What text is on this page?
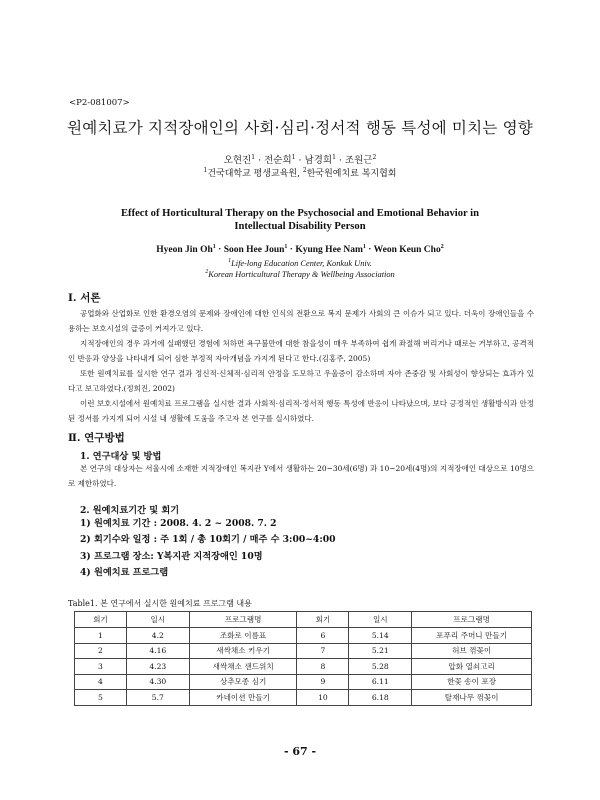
<P2-081007>
원예치료가 지적장애인의 사회·심리·정서적 행동 특성에 미치는 영향
오현진$^1$ · 전순희$^1$ · 남경희$^1$ · 조원근$^2$
$^1$건국대학교 평생교육원, $^2$한국원예치료 복지협회
Effect of Horticultural Therapy on the Psychosocial and Emotional Behavior in
Intellectual Disability Person
Hyeon Jin $Oh^1$ · Soon Hee Joun$^1$ · Kyung Hee Nam$^1$ · Weon Keun Cho$^2$
$^1$Life-long Education Center, Konkuk Univ.
$^2$Korean Horticultural Therapy & Wellbeing Association
Ⅰ. 서론

공업화와 산업화로 인한 환경오염의 문제와 장애인에 대한 인식의 전환으로 복지 문제가 사회의 큰 이슈가 되고 있다. 더욱이 장애인들을 수용하는 보호시설의 급증이 커져가고 있다.

지적장애인의 경우 과거에 실패했던 경험에 처하면 욕구불만에 대한 참을성이 매우 부족하여 쉽게 좌절해 버리거나 때로는 거부하고, 공격적인 반응과 양상을 나타내게 되어 심한 부정적 자아개념을 가지게 된다고 한다.(김홍주, 2005)

또한 원예치료를 실시한 연구 결과 정신적·신체적·심리적 안정을 도모하고 우울증이 감소하며 자아 존중감 및 사회성이 향상되는 효과가 있다고 보고하였다.(정희진, 2002)

이런 보호시설에서 원예치료 프로그램을 실시한 결과 사회적·심리적·정서적 행동 특성에 반응이 나타났으며, 보다 긍정적인 생활방식과 안정된 정서를 가지게 되어 시설 내 생활에 도움을 주고자 본 연구를 실시하였다.

Ⅱ. 연구방법
1. 연구대상 및 방법

본 연구의 대상자는 서울시에 소재한 지적장애인 복지관 Y에서 생활하는 20~30세(6명) 과 10~20세(4명)의 지적장애인 대상으로 10명으로 제한하였다.

2. 원예치료기간 및 회기
1) 원예치료 기간 : 2008. 4. 2 ~ 2008. 7. 2
2) 회기수와 일정 : 주 1회 / 총 10회기 / 매주 수 3:00~4:00
3) 프로그램 장소: Y복지관 지적장애인 10명
4) 원예치료 프로그램
Table1. 본 연구에서 실시한 원예치료 프로그램 내용
회기	일시	프로그램명	회기	일시	프로그램명
1	4.2	조화로 이름표	6	5.14	포푸리 주머니 만들기
2	4.16	새싹채소 키우기	7	5.21	허브 꺾꽂이
3	4.23	새싹채소 샌드위치	8	5.28	압화 열쇠고리
4	4.30	상추모종 심기	9	6.11	한꽃 송이 포장
5	5.7	카네이션 만들기	10	6.18	탈재나무 꺾꽂이
- 67 -
